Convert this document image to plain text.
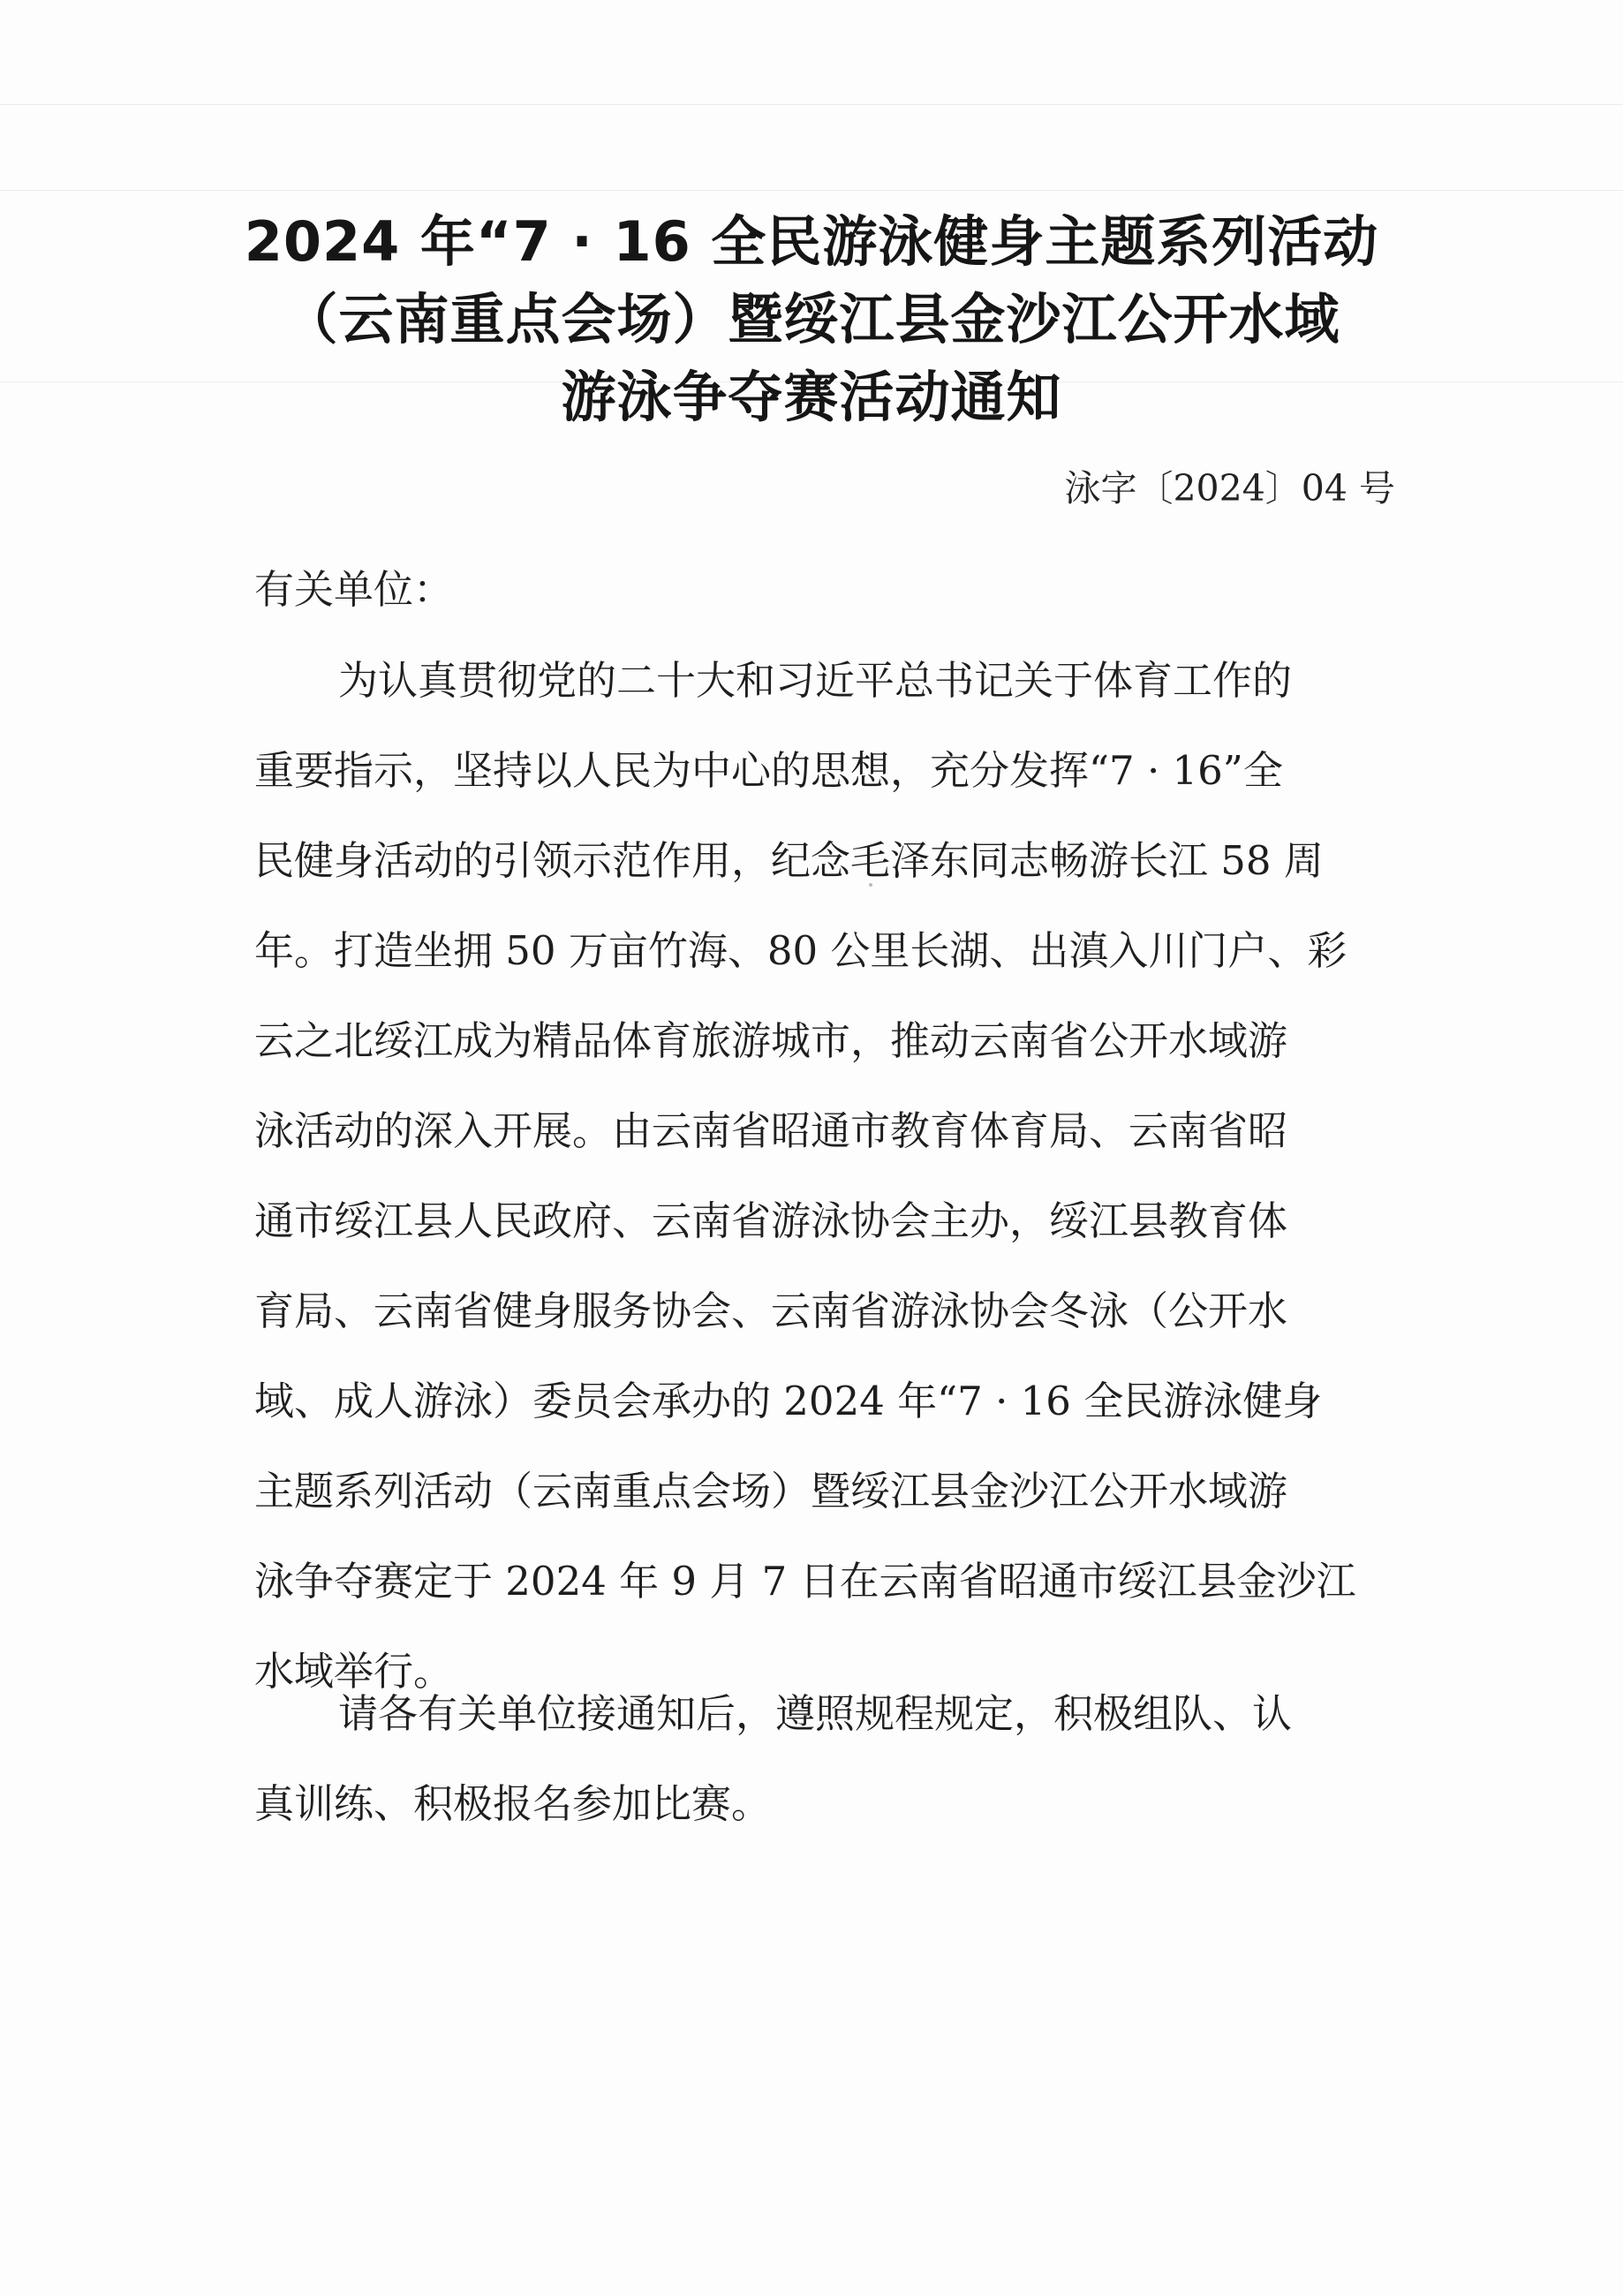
2024 年“7 · 16 全民游泳健身主题系列活动
（云南重点会场）暨绥江县金沙江公开水域
游泳争夺赛活动通知
泳字〔2024〕04 号
有关单位：
为认真贯彻党的二十大和习近平总书记关于体育工作的
重要指示，坚持以人民为中心的思想，充分发挥“7 · 16”全
民健身活动的引领示范作用，纪念毛泽东同志畅游长江 58 周
年。打造坐拥 50 万亩竹海、80 公里长湖、出滇入川门户、彩
云之北绥江成为精品体育旅游城市，推动云南省公开水域游
泳活动的深入开展。由云南省昭通市教育体育局、云南省昭
通市绥江县人民政府、云南省游泳协会主办，绥江县教育体
育局、云南省健身服务协会、云南省游泳协会冬泳（公开水
域、成人游泳）委员会承办的 2024 年“7 · 16 全民游泳健身
主题系列活动（云南重点会场）暨绥江县金沙江公开水域游
泳争夺赛定于 2024 年 9 月 7 日在云南省昭通市绥江县金沙江
水域举行。
请各有关单位接通知后，遵照规程规定，积极组队、认
真训练、积极报名参加比赛。
